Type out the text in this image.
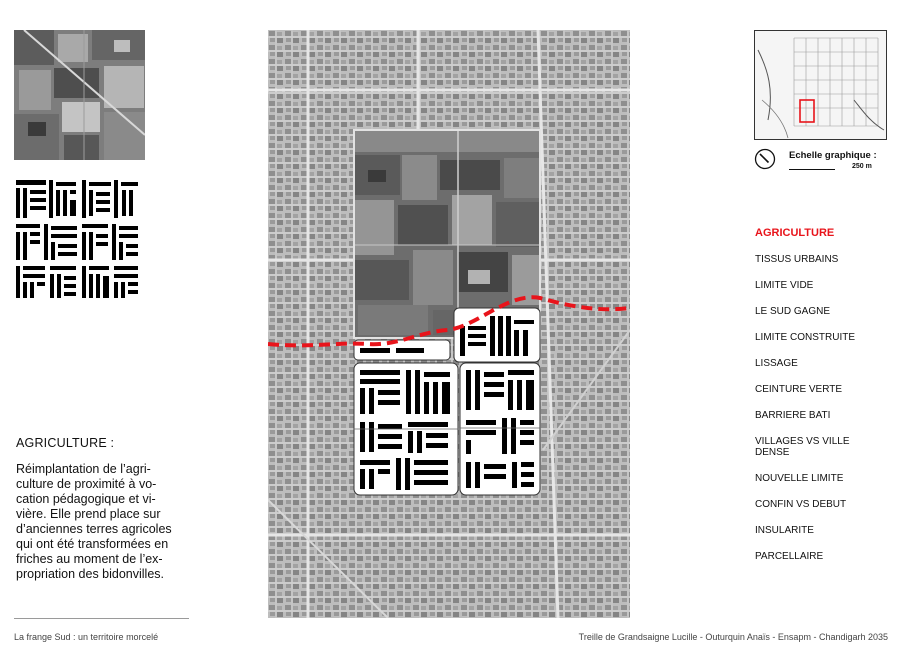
AGRICULTURE :
Réimplantation de l’agri-
culture de proximité à vo-
cation pédagogique et vi-
vière. Elle prend place sur
d’anciennes terres agricoles
qui ont été transformées en
friches au moment de l’ex-
propriation des bidonvilles.
Echelle graphique :
250 m
AGRICULTURE
TISSUS URBAINS
LIMITE VIDE
LE SUD GAGNE
LIMITE CONSTRUITE
LISSAGE
CEINTURE VERTE
BARRIERE BATI
VILLAGES VS VILLE DENSE
NOUVELLE LIMITE
CONFIN VS DEBUT
INSULARITE
PARCELLAIRE
La frange Sud : un territoire morcelé	Treille de Grandsaigne Lucille - Outurquin Anaïs - Ensapm - Chandigarh 2035
